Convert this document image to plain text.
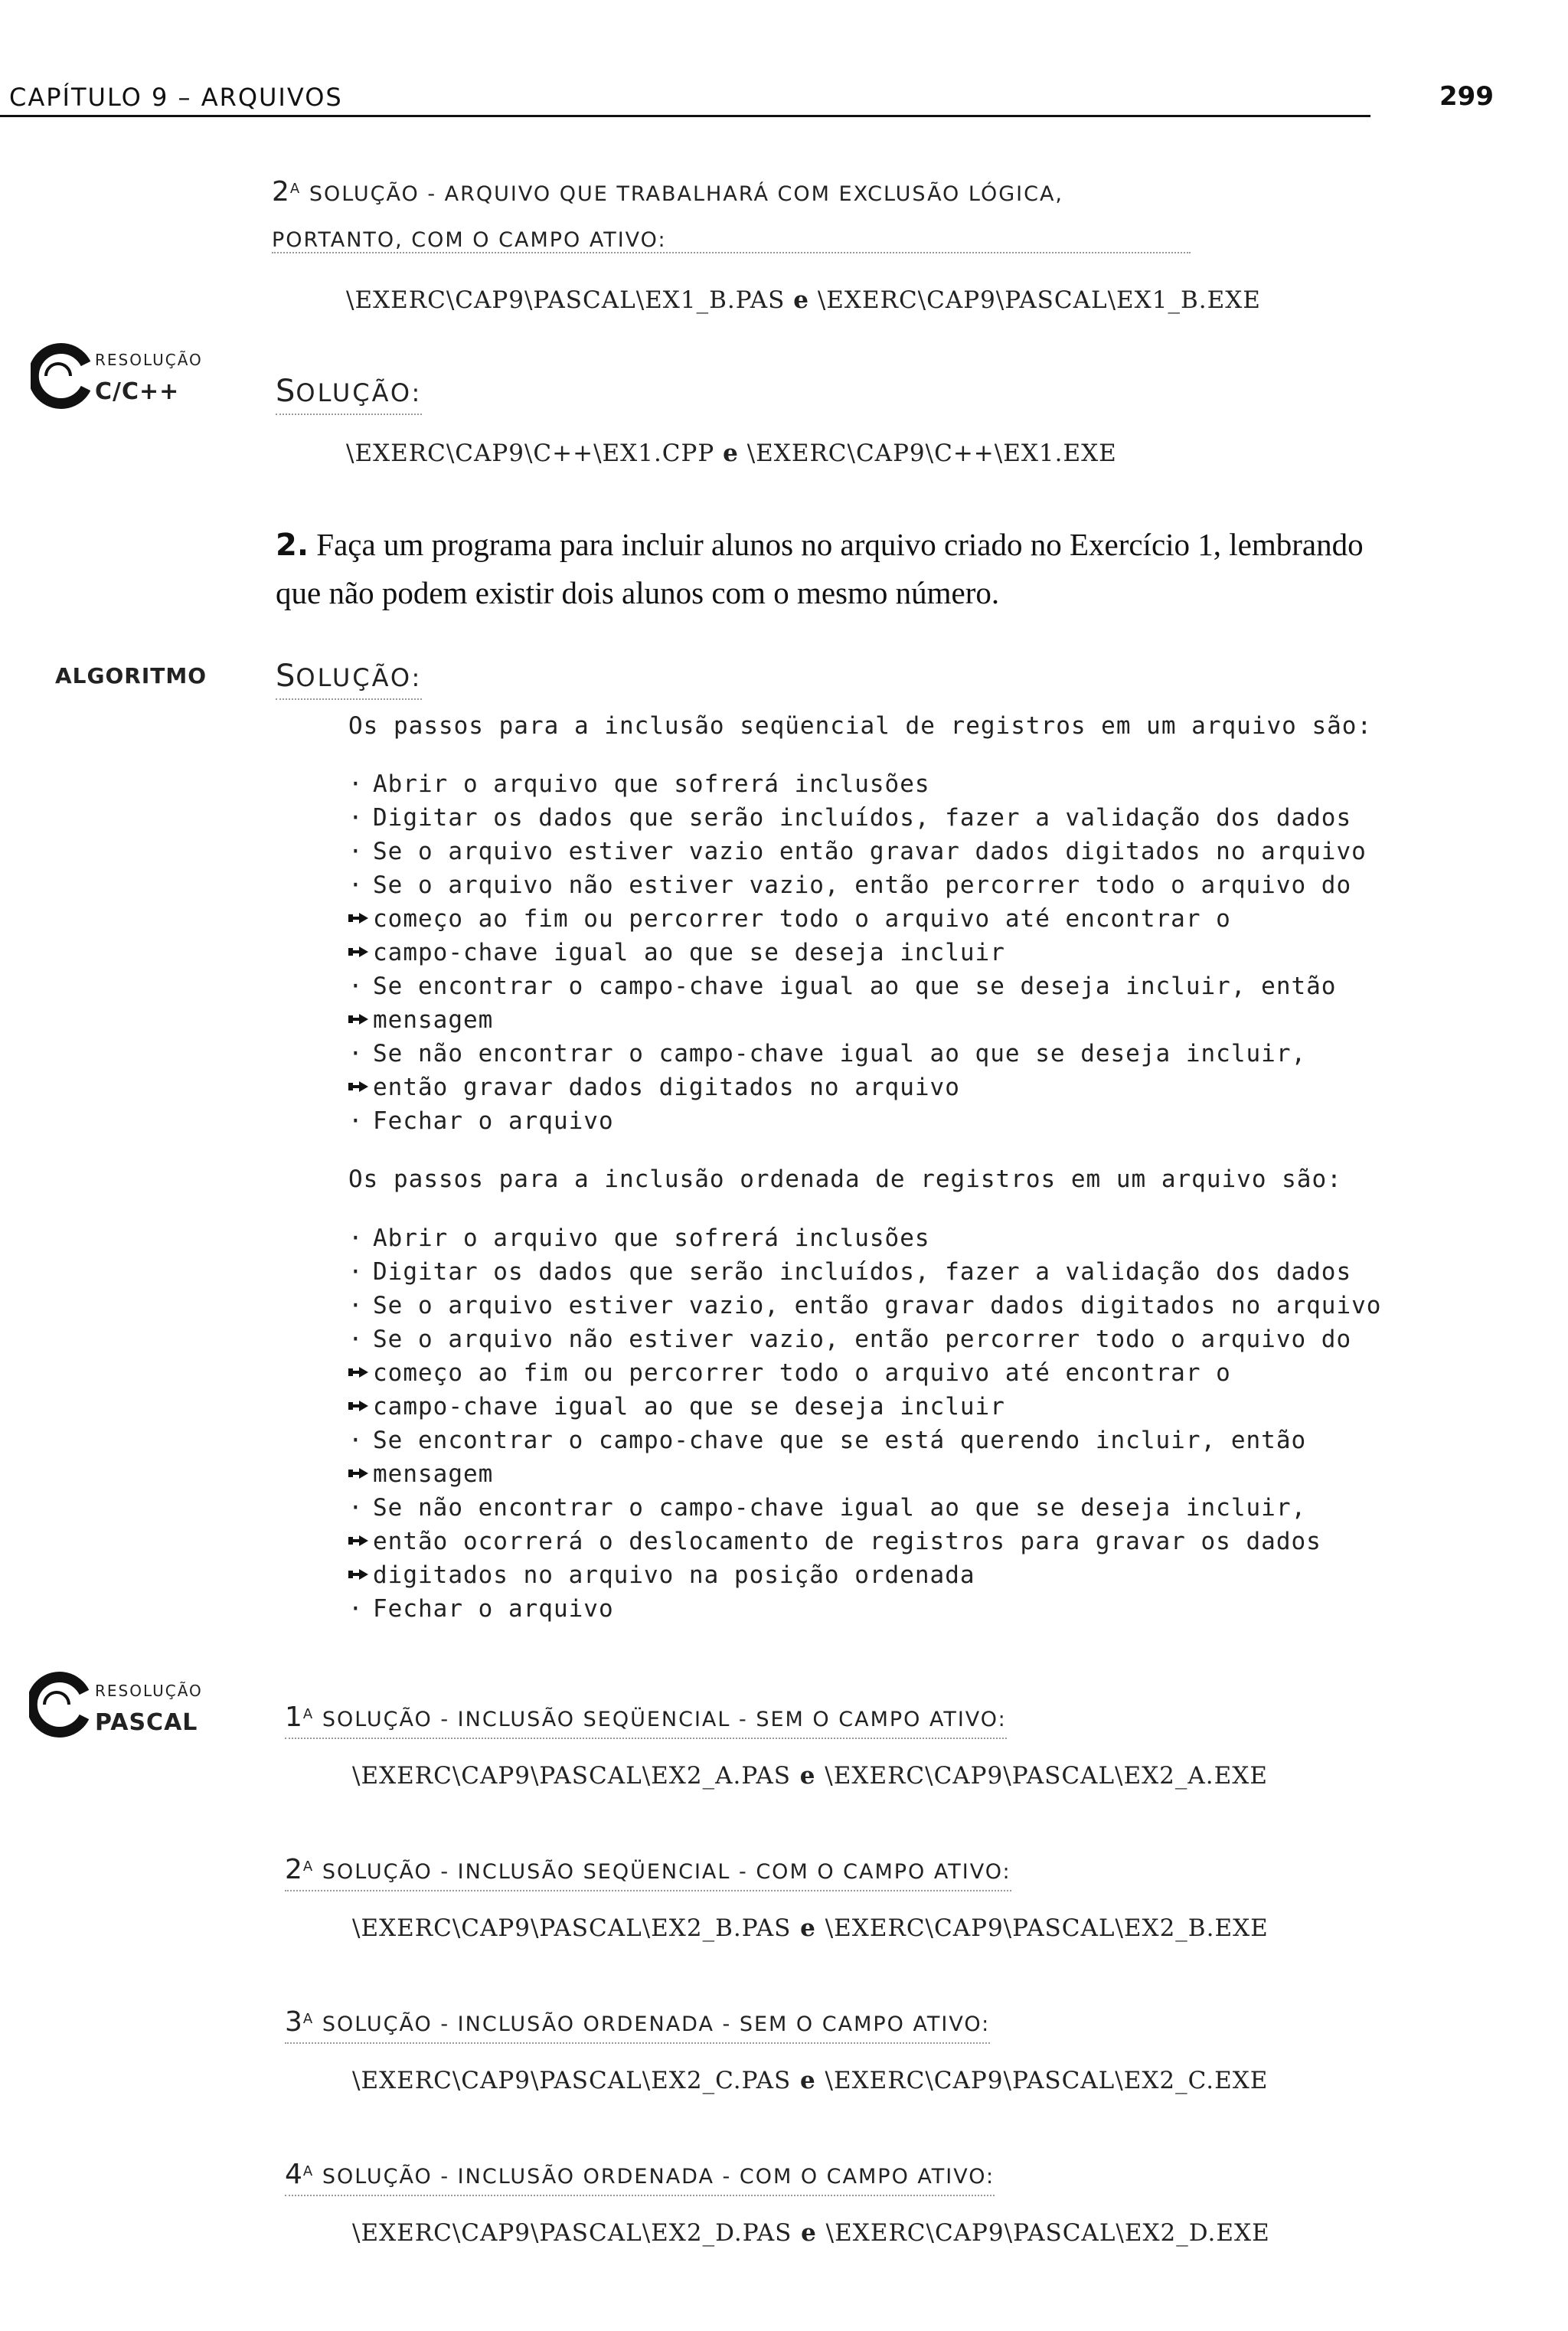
CAPÍTULO 9 – ARQUIVOS	299
$2^A$ SOLUÇÃO - ARQUIVO QUE TRABALHARÁ COM EXCLUSÃO LÓGICA,
PORTANTO, COM O CAMPO ATIVO:
\EXERC\CAP9\PASCAL\EX1_B.PAS e \EXERC\CAP9\PASCAL\EX1_B.EXE
RESOLUÇÃO
C/C++	SOLUÇÃO:
\EXERC\CAP9\C++\EX1.CPP e \EXERC\CAP9\C++\EX1.EXE
2. Faça um programa para incluir alunos no arquivo criado no Exercício 1, lembrando
que não podem existir dois alunos com o mesmo número.
ALGORITMO SOLUÇÃO:
Os passos para a inclusão seqüencial de registros em um arquivo são:
· Abrir o arquivo que sofrerá inclusões
· Digitar os dados que serão incluídos, fazer a validação dos dados
· Se o arquivo estiver vazio então gravar dados digitados no arquivo
· Se o arquivo não estiver vazio, então percorrer todo o arquivo do
começo ao fim ou percorrer todo o arquivo até encontrar o
campo-chave igual ao que se deseja incluir
· Se encontrar o campo-chave igual ao que se deseja incluir, então
mensagem
· Se não encontrar o campo-chave igual ao que se deseja incluir,
então gravar dados digitados no arquivo
· Fechar o arquivo
Os passos para a inclusão ordenada de registros em um arquivo são:
· Abrir o arquivo que sofrerá inclusões
· Digitar os dados que serão incluídos, fazer a validação dos dados
· Se o arquivo estiver vazio, então gravar dados digitados no arquivo
· Se o arquivo não estiver vazio, então percorrer todo o arquivo do
começo ao fim ou percorrer todo o arquivo até encontrar o
campo-chave igual ao que se deseja incluir
· Se encontrar o campo-chave que se está querendo incluir, então
mensagem
· Se não encontrar o campo-chave igual ao que se deseja incluir,
então ocorrerá o deslocamento de registros para gravar os dados
digitados no arquivo na posição ordenada
· Fechar o arquivo
RESOLUÇÃO
PASCAL	$1^A$ SOLUÇÃO - INCLUSÃO SEQÜENCIAL - SEM O CAMPO ATIVO:
\EXERC\CAP9\PASCAL\EX2_A.PAS e \EXERC\CAP9\PASCAL\EX2_A.EXE
$2^A$ SOLUÇÃO - INCLUSÃO SEQÜENCIAL - COM O CAMPO ATIVO:
\EXERC\CAP9\PASCAL\EX2_B.PAS e \EXERC\CAP9\PASCAL\EX2_B.EXE
$3^A$ SOLUÇÃO - INCLUSÃO ORDENADA - SEM O CAMPO ATIVO:
\EXERC\CAP9\PASCAL\EX2_C.PAS e \EXERC\CAP9\PASCAL\EX2_C.EXE
$4^A$ SOLUÇÃO - INCLUSÃO ORDENADA - COM O CAMPO ATIVO:
\EXERC\CAP9\PASCAL\EX2_D.PAS e \EXERC\CAP9\PASCAL\EX2_D.EXE
